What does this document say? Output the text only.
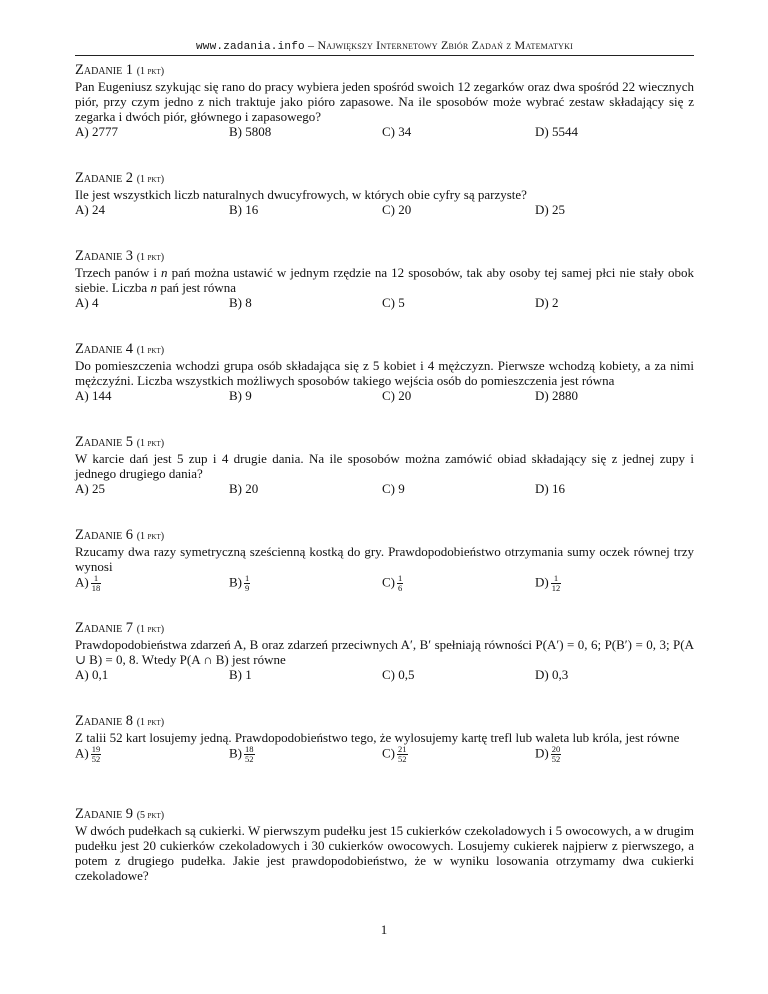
www.zadania.info – Największy Internetowy Zbiór Zadań z Matematyki

Zadanie 1 (1 pkt)

Pan Eugeniusz szykując się rano do pracy wybiera jeden spośród swoich 12 zegarków oraz dwa spośród 22 wiecznych piór, przy czym jedno z nich traktuje jako pióro zapasowe. Na ile sposobów może wybrać zestaw składający się z zegarka i dwóch piór, głównego i zapasowego?

A) 2777	B) 5808	C) 34	D) 5544

Zadanie 2 (1 pkt)

Ile jest wszystkich liczb naturalnych dwucyfrowych, w których obie cyfry są parzyste?

A) 24	B) 16	C) 20	D) 25

Zadanie 3 (1 pkt)

Trzech panów i n pań można ustawić w jednym rzędzie na 12 sposobów, tak aby osoby tej samej płci nie stały obok siebie. Liczba n pań jest równa

A) 4	B) 8	C) 5	D) 2

Zadanie 4 (1 pkt)

Do pomieszczenia wchodzi grupa osób składająca się z 5 kobiet i 4 mężczyzn. Pierwsze wchodzą kobiety, a za nimi mężczyźni. Liczba wszystkich możliwych sposobów takiego wejścia osób do pomieszczenia jest równa

A) 144	B) 9	C) 20	D) 2880

Zadanie 5 (1 pkt)

W karcie dań jest 5 zup i 4 drugie dania. Na ile sposobów można zamówić obiad składający się z jednej zupy i jednego drugiego dania?

A) 25	B) 20	C) 9	D) 16

Zadanie 6 (1 pkt)

Rzucamy dwa razy symetryczną sześcienną kostką do gry. Prawdopodobieństwo otrzymania sumy oczek równej trzy wynosi

$A) \frac{1}{18}$	$B) \frac{1}{9}$	$C) \frac{1}{6}$	$D) \frac{1}{12}$

Zadanie 7 (1 pkt)

Prawdopodobieństwa zdarzeń A, B oraz zdarzeń przeciwnych A′, B′ spełniają równości P(A′) = 0, 6; P(B′) = 0, 3; P(A ∪ B) = 0, 8. Wtedy P(A ∩ B) jest równe

A) 0,1	B) 1	C) 0,5	D) 0,3

Zadanie 8 (1 pkt)

Z talii 52 kart losujemy jedną. Prawdopodobieństwo tego, że wylosujemy kartę trefl lub waleta lub króla, jest równe

$A) \frac{19}{52}$	$B) \frac{18}{52}$	$C) \frac{21}{52}$	$D) \frac{20}{52}$

Zadanie 9 (5 pkt)

W dwóch pudełkach są cukierki. W pierwszym pudełku jest 15 cukierków czekoladowych i 5 owocowych, a w drugim pudełku jest 20 cukierków czekoladowych i 30 cukierków owocowych. Losujemy cukierek najpierw z pierwszego, a potem z drugiego pudełka. Jakie jest prawdopodobieństwo, że w wyniku losowania otrzymamy dwa cukierki czekoladowe?

1
